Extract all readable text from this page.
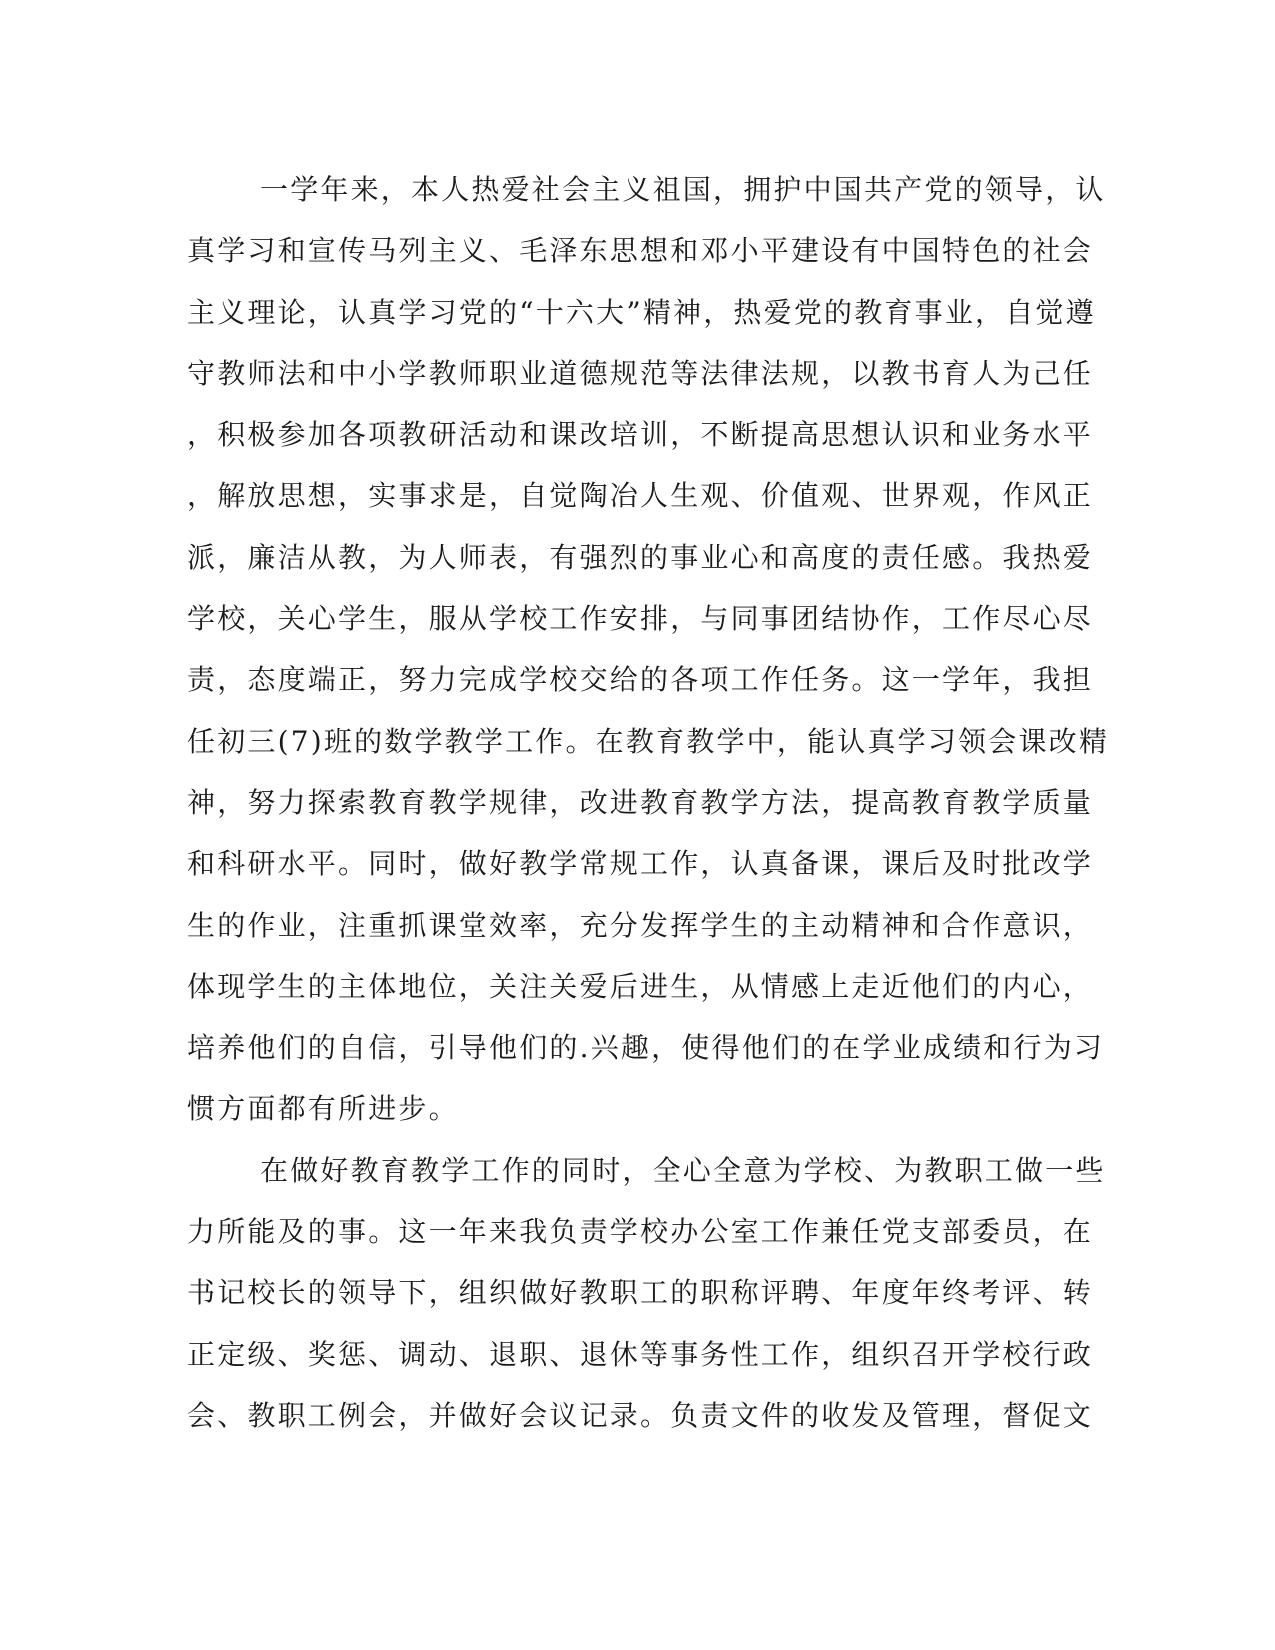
一学年来，本人热爱社会主义祖国，拥护中国共产党的领导，认
真学习和宣传马列主义、毛泽东思想和邓小平建设有中国特色的社会
主义理论，认真学习党的“十六大”精神，热爱党的教育事业，自觉遵
守教师法和中小学教师职业道德规范等法律法规，以教书育人为己任
，积极参加各项教研活动和课改培训，不断提高思想认识和业务水平
，解放思想，实事求是，自觉陶冶人生观、价值观、世界观，作风正
派，廉洁从教，为人师表，有强烈的事业心和高度的责任感。我热爱
学校，关心学生，服从学校工作安排，与同事团结协作，工作尽心尽
责，态度端正，努力完成学校交给的各项工作任务。这一学年，我担
任初三(7)班的数学教学工作。在教育教学中，能认真学习领会课改精
神，努力探索教育教学规律，改进教育教学方法，提高教育教学质量
和科研水平。同时，做好教学常规工作，认真备课，课后及时批改学
生的作业，注重抓课堂效率，充分发挥学生的主动精神和合作意识，
体现学生的主体地位，关注关爱后进生，从情感上走近他们的内心，
培养他们的自信，引导他们的.兴趣，使得他们的在学业成绩和行为习
惯方面都有所进步。
在做好教育教学工作的同时，全心全意为学校、为教职工做一些
力所能及的事。这一年来我负责学校办公室工作兼任党支部委员，在
书记校长的领导下，组织做好教职工的职称评聘、年度年终考评、转
正定级、奖惩、调动、退职、退休等事务性工作，组织召开学校行政
会、教职工例会，并做好会议记录。负责文件的收发及管理，督促文
